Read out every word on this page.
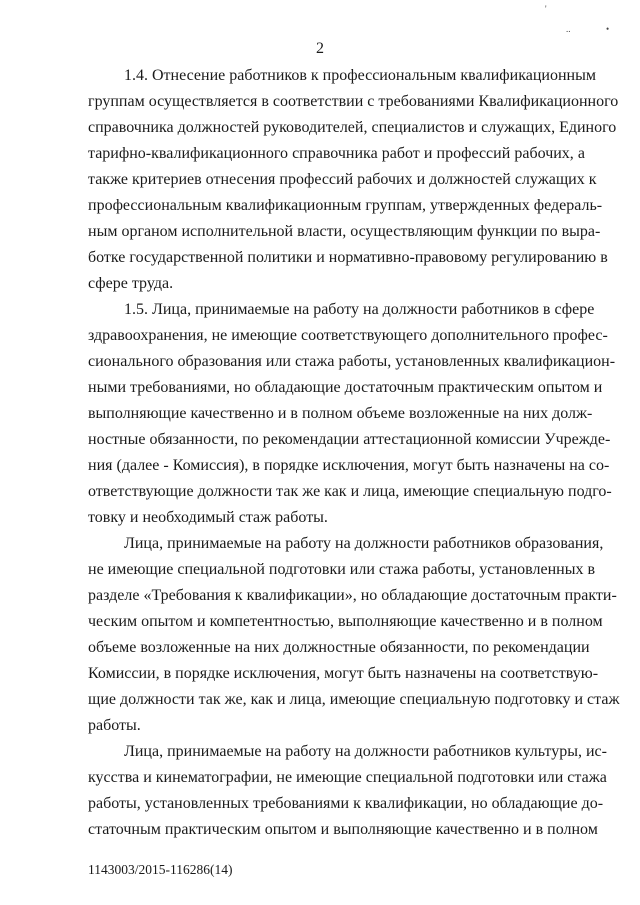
'
..	•
2
1.4. Отнесение работников к профессиональным квалификационным
группам осуществляется в соответствии с требованиями Квалификационного
справочника должностей руководителей, специалистов и служащих, Единого
тарифно-квалификационного справочника работ и профессий рабочих, а
также критериев отнесения профессий рабочих и должностей служащих к
профессиональным квалификационным группам, утвержденных федераль-
ным органом исполнительной власти, осуществляющим функции по выра-
ботке государственной политики и нормативно-правовому регулированию в
сфере труда.
1.5. Лица, принимаемые на работу на должности работников в сфере
здравоохранения, не имеющие соответствующего дополнительного профес-
сионального образования или стажа работы, установленных квалификацион-
ными требованиями, но обладающие достаточным практическим опытом и
выполняющие качественно и в полном объеме возложенные на них долж-
ностные обязанности, по рекомендации аттестационной комиссии Учрежде-
ния (далее - Комиссия), в порядке исключения, могут быть назначены на со-
ответствующие должности так же как и лица, имеющие специальную подго-
товку и необходимый стаж работы.
Лица, принимаемые на работу на должности работников образования,
не имеющие специальной подготовки или стажа работы, установленных в
разделе «Требования к квалификации», но обладающие достаточным практи-
ческим опытом и компетентностью, выполняющие качественно и в полном
объеме возложенные на них должностные обязанности, по рекомендации
Комиссии, в порядке исключения, могут быть назначены на соответствую-
щие должности так же, как и лица, имеющие специальную подготовку и стаж
работы.
Лица, принимаемые на работу на должности работников культуры, ис-
кусства и кинематографии, не имеющие специальной подготовки или стажа
работы, установленных требованиями к квалификации, но обладающие до-
статочным практическим опытом и выполняющие качественно и в полном
1143003/2015-116286(14)
